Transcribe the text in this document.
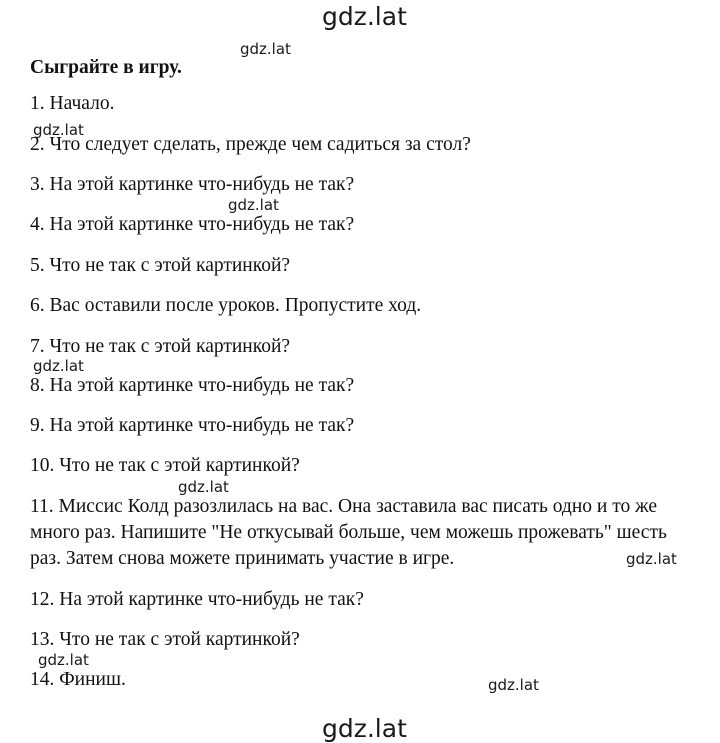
gdz.lat
gdz.lat
gdz.lat
gdz.lat
gdz.lat
gdz.lat
gdz.lat
gdz.lat
gdz.lat
gdz.lat
Сыграйте в игру.
1. Начало.
2. Что следует сделать, прежде чем садиться за стол?
3. На этой картинке что-нибудь не так?
4. На этой картинке что-нибудь не так?
5. Что не так с этой картинкой?
6. Вас оставили после уроков. Пропустите ход.
7. Что не так с этой картинкой?
8. На этой картинке что-нибудь не так?
9. На этой картинке что-нибудь не так?
10. Что не так с этой картинкой?
11. Миссис Колд разозлилась на вас. Она заставила вас писать одно и то же
много раз. Напишите "Не откусывай больше, чем можешь прожевать" шесть
раз. Затем снова можете принимать участие в игре.
12. На этой картинке что-нибудь не так?
13. Что не так с этой картинкой?
14. Финиш.
